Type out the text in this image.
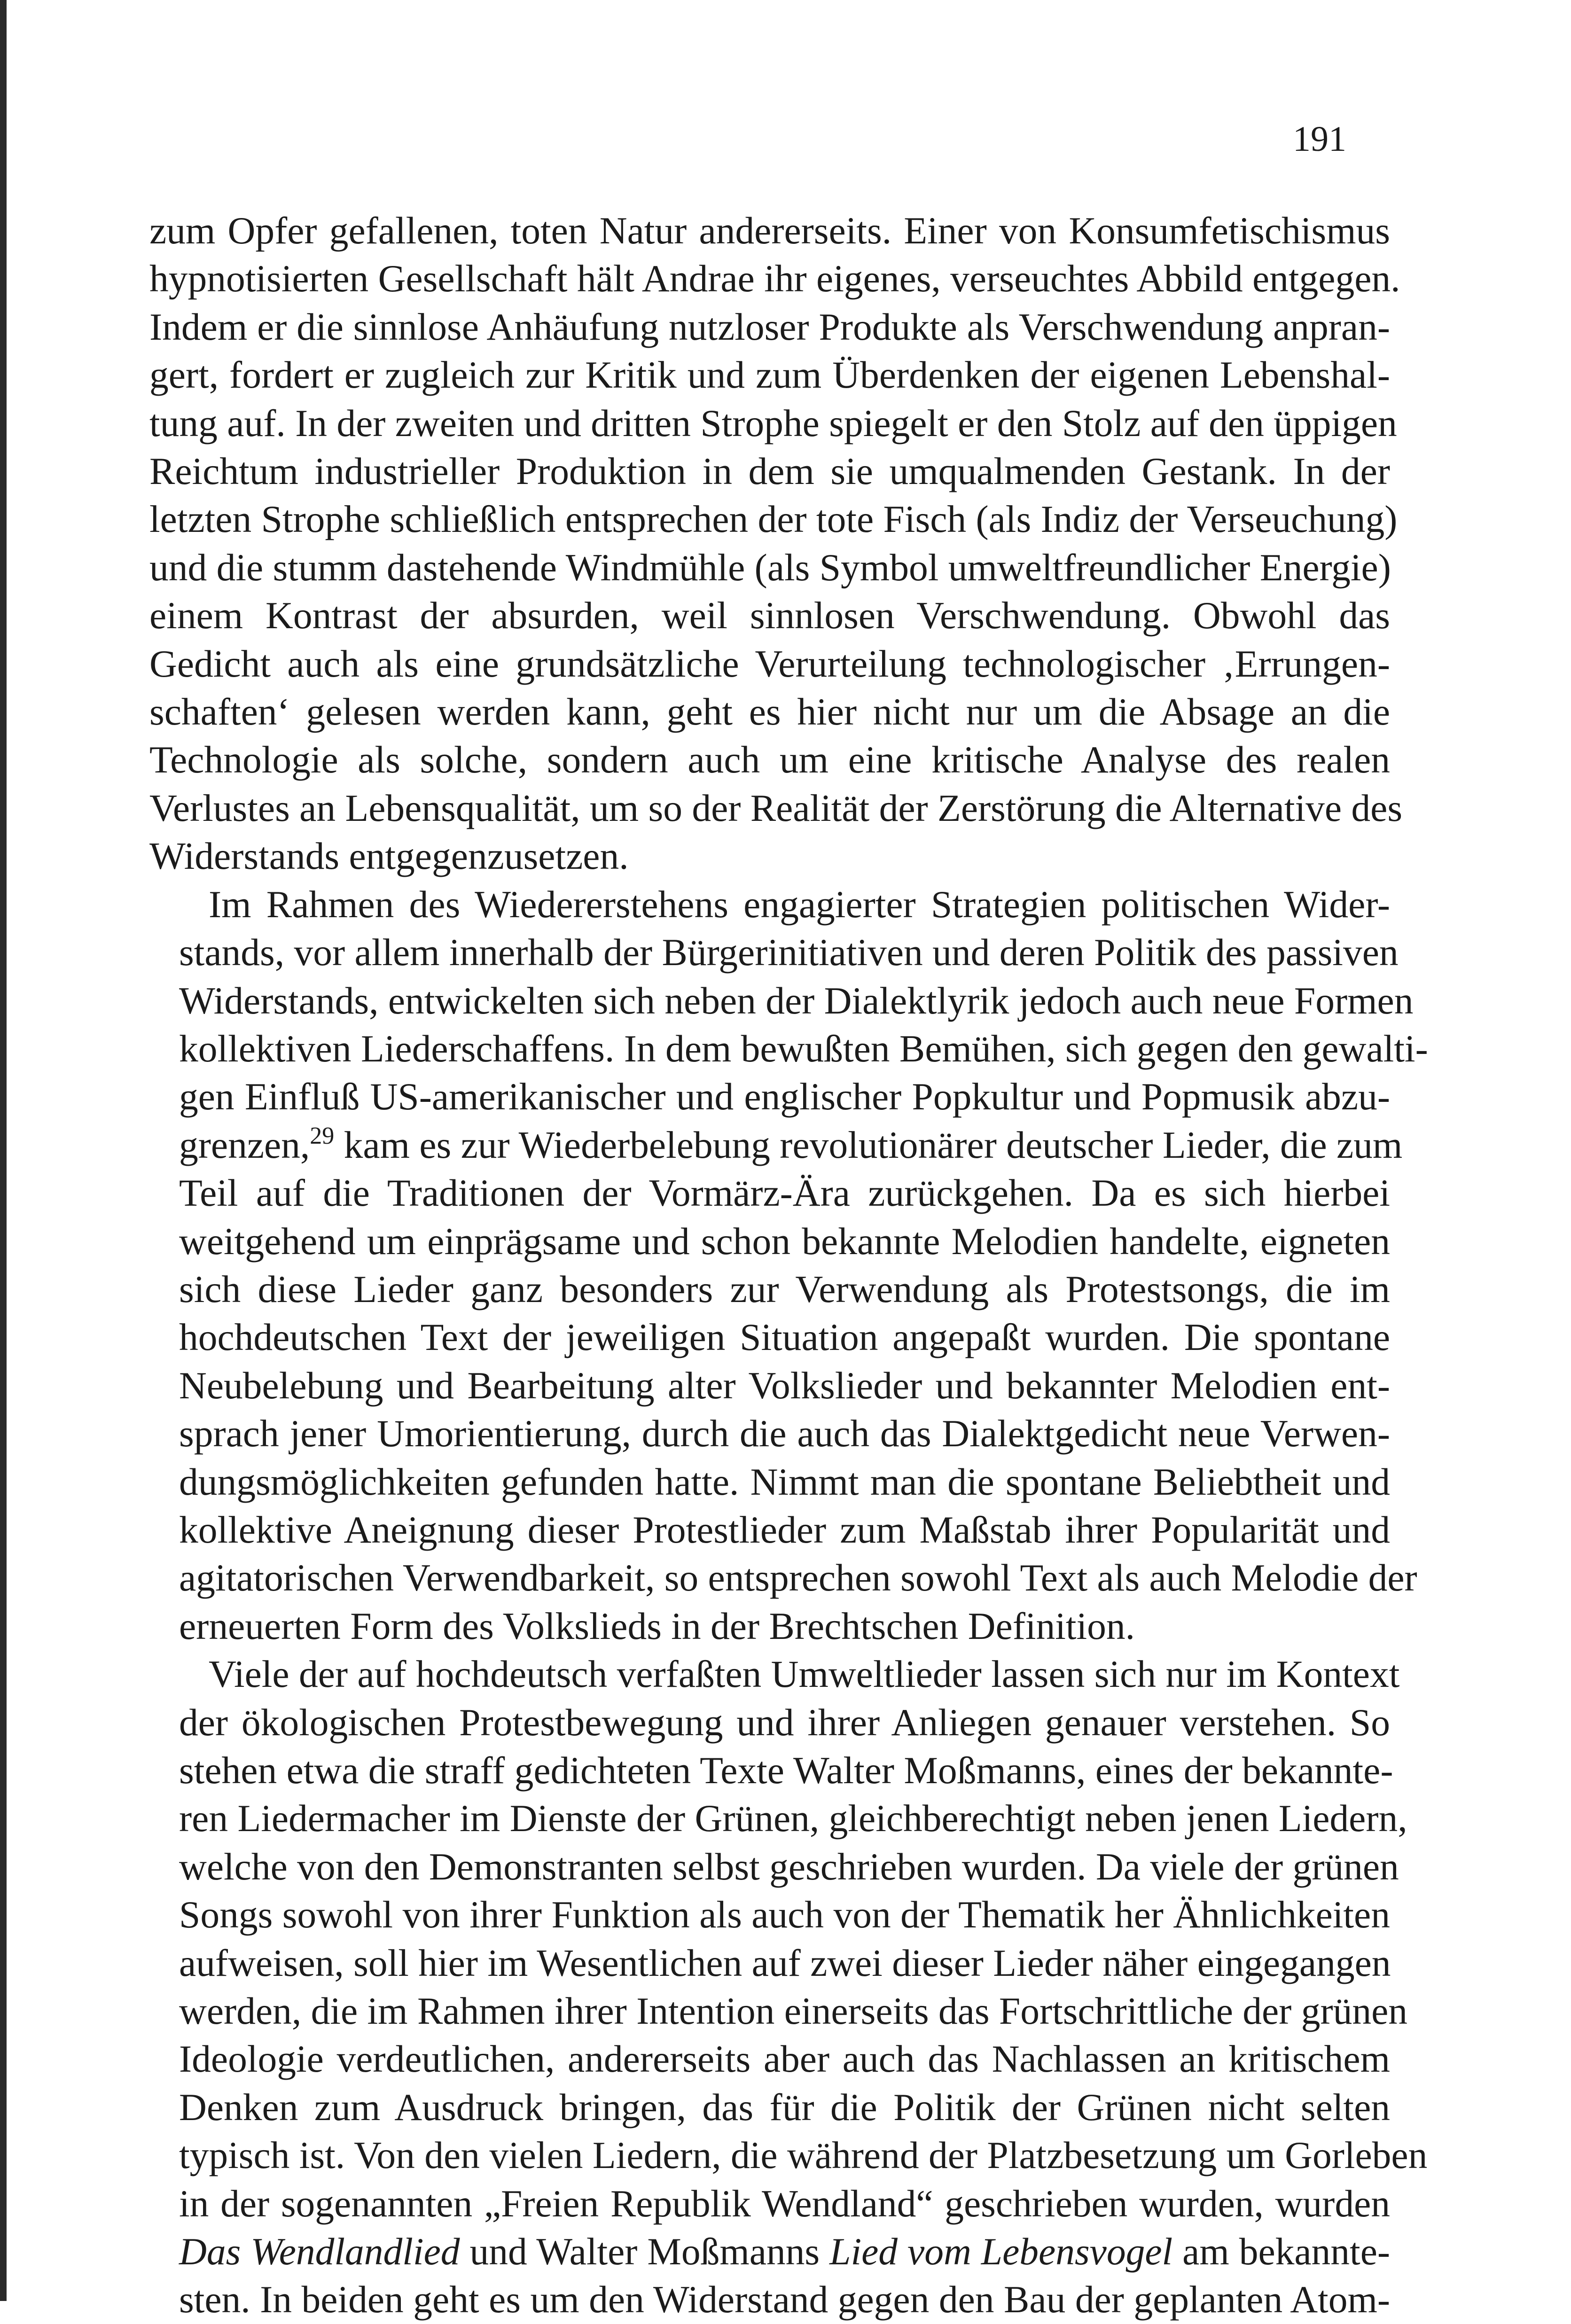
191

zum Opfer gefallenen, toten Natur andererseits. Einer von Konsumfetischismus
hypnotisierten Gesellschaft hält Andrae ihr eigenes, verseuchtes Abbild entgegen.
Indem er die sinnlose Anhäufung nutzloser Produkte als Verschwendung anpran-
gert, fordert er zugleich zur Kritik und zum Überdenken der eigenen Lebenshal-
tung auf. In der zweiten und dritten Strophe spiegelt er den Stolz auf den üppigen
Reichtum industrieller Produktion in dem sie umqualmenden Gestank. In der
letzten Strophe schließlich entsprechen der tote Fisch (als Indiz der Verseuchung)
und die stumm dastehende Windmühle (als Symbol umweltfreundlicher Energie)
einem Kontrast der absurden, weil sinnlosen Verschwendung. Obwohl das
Gedicht auch als eine grundsätzliche Verurteilung technologischer ‚Errungen-
schaften‘ gelesen werden kann, geht es hier nicht nur um die Absage an die
Technologie als solche, sondern auch um eine kritische Analyse des realen
Verlustes an Lebensqualität, um so der Realität der Zerstörung die Alternative des
Widerstands entgegenzusetzen.

Im Rahmen des Wiedererstehens engagierter Strategien politischen Wider-
stands, vor allem innerhalb der Bürgerinitiativen und deren Politik des passiven
Widerstands, entwickelten sich neben der Dialektlyrik jedoch auch neue Formen
kollektiven Liederschaffens. In dem bewußten Bemühen, sich gegen den gewalti-
gen Einfluß US-amerikanischer und englischer Popkultur und Popmusik abzu-
grenzen,$^{29}$ kam es zur Wiederbelebung revolutionärer deutscher Lieder, die zum
Teil auf die Traditionen der Vormärz-Ära zurückgehen. Da es sich hierbei
weitgehend um einprägsame und schon bekannte Melodien handelte, eigneten
sich diese Lieder ganz besonders zur Verwendung als Protestsongs, die im
hochdeutschen Text der jeweiligen Situation angepaßt wurden. Die spontane
Neubelebung und Bearbeitung alter Volkslieder und bekannter Melodien ent-
sprach jener Umorientierung, durch die auch das Dialektgedicht neue Verwen-
dungsmöglichkeiten gefunden hatte. Nimmt man die spontane Beliebtheit und
kollektive Aneignung dieser Protestlieder zum Maßstab ihrer Popularität und
agitatorischen Verwendbarkeit, so entsprechen sowohl Text als auch Melodie der
erneuerten Form des Volkslieds in der Brechtschen Definition.

Viele der auf hochdeutsch verfaßten Umweltlieder lassen sich nur im Kontext
der ökologischen Protestbewegung und ihrer Anliegen genauer verstehen. So
stehen etwa die straff gedichteten Texte Walter Moßmanns, eines der bekannte-
ren Liedermacher im Dienste der Grünen, gleichberechtigt neben jenen Liedern,
welche von den Demonstranten selbst geschrieben wurden. Da viele der grünen
Songs sowohl von ihrer Funktion als auch von der Thematik her Ähnlichkeiten
aufweisen, soll hier im Wesentlichen auf zwei dieser Lieder näher eingegangen
werden, die im Rahmen ihrer Intention einerseits das Fortschrittliche der grünen
Ideologie verdeutlichen, andererseits aber auch das Nachlassen an kritischem
Denken zum Ausdruck bringen, das für die Politik der Grünen nicht selten
typisch ist. Von den vielen Liedern, die während der Platzbesetzung um Gorleben
in der sogenannten „Freien Republik Wendland“ geschrieben wurden, wurden
Das Wendlandlied und Walter Moßmanns Lied vom Lebensvogel am bekannte-
sten. In beiden geht es um den Widerstand gegen den Bau der geplanten Atom-
